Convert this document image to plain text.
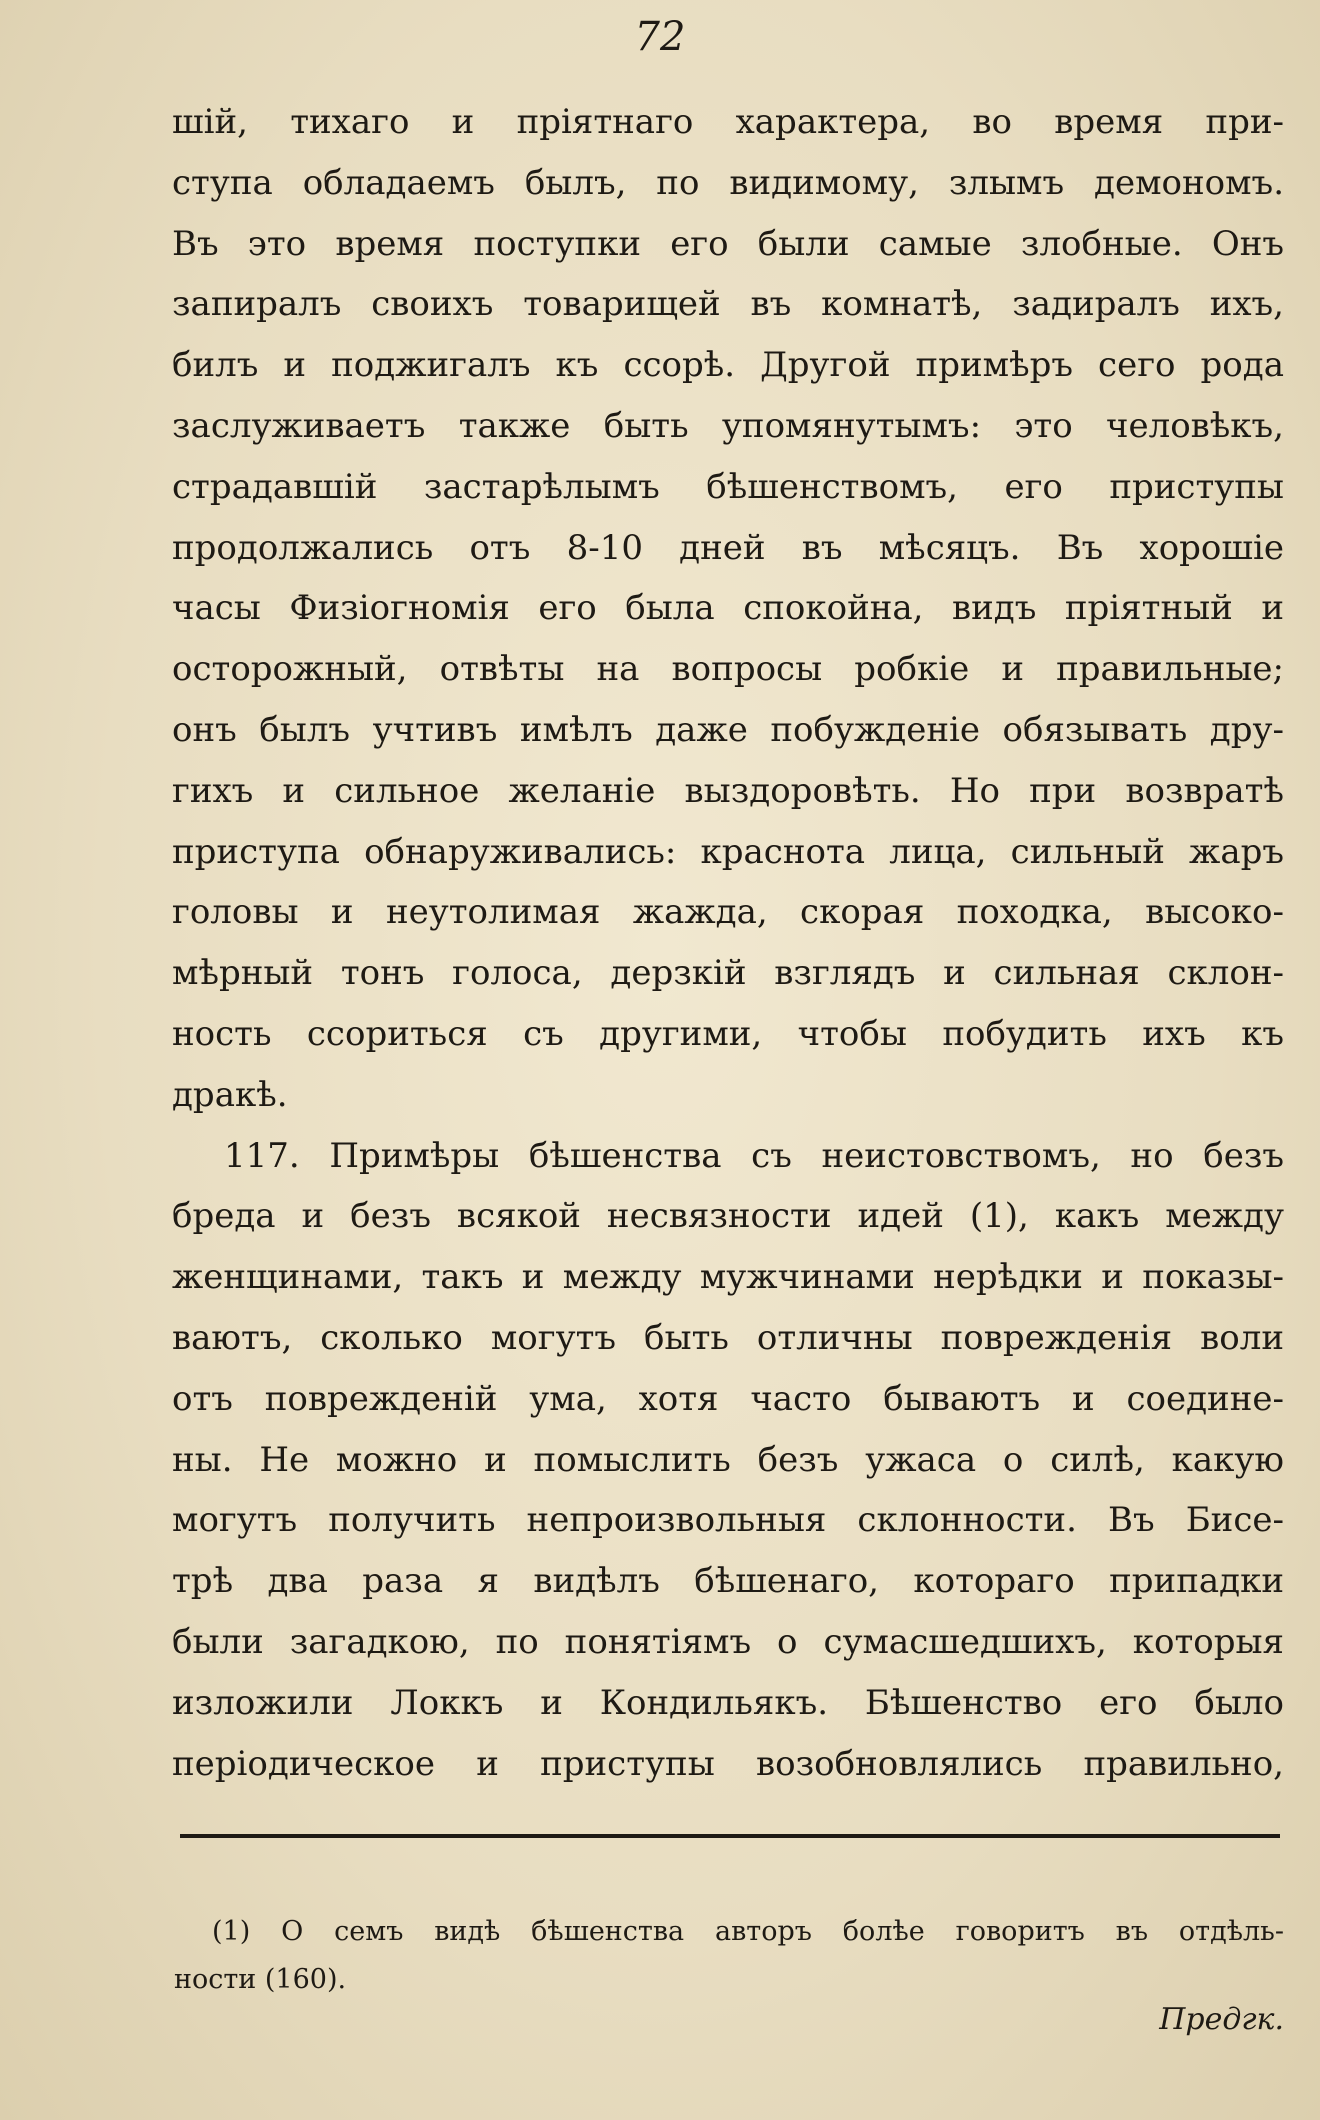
72
шій, тихаго и пріятнаго характера, во время при-
ступа обладаемъ былъ, по видимому, злымъ демономъ.
Въ это время поступки его были самые злобные. Онъ
запиралъ своихъ товарищей въ комнатѣ, задиралъ ихъ,
билъ и поджигалъ къ ссорѣ. Другой примѣръ сего рода
заслуживаетъ также быть упомянутымъ: это человѣкъ,
страдавшій застарѣлымъ бѣшенствомъ, его приступы
продолжались отъ 8-10 дней въ мѣсяцъ. Въ хорошіе
часы Физіогномія его была спокойна, видъ пріятный и
осторожный, отвѣты на вопросы робкіе и правильные;
онъ былъ учтивъ имѣлъ даже побужденіе обязывать дру-
гихъ и сильное желаніе выздоровѣть. Но при возвратѣ
приступа обнаруживались: краснота лица, сильный жаръ
головы и неутолимая жажда, скорая походка, высоко-
мѣрный тонъ голоса, дерзкій взглядъ и сильная склон-
ность ссориться съ другими, чтобы побудить ихъ къ
дракѣ.
117. Примѣры бѣшенства съ неистовствомъ, но безъ
бреда и безъ всякой несвязности идей (1), какъ между
женщинами, такъ и между мужчинами нерѣдки и показы-
ваютъ, сколько могутъ быть отличны поврежденія воли
отъ поврежденій ума, хотя часто бываютъ и соедине-
ны. Не можно и помыслить безъ ужаса о силѣ, какую
могутъ получить непроизвольныя склонности. Въ Бисе-
трѣ два раза я видѣлъ бѣшенаго, котораго припадки
были загадкою, по понятіямъ о сумасшедшихъ, которыя
изложили Локкъ и Кондильякъ. Бѣшенство его было
періодическое и приступы возобновлялись правильно,
(1) О семъ видѣ бѣшенства авторъ болѣе говоритъ въ отдѣль-
ности (160).
Предгк.
